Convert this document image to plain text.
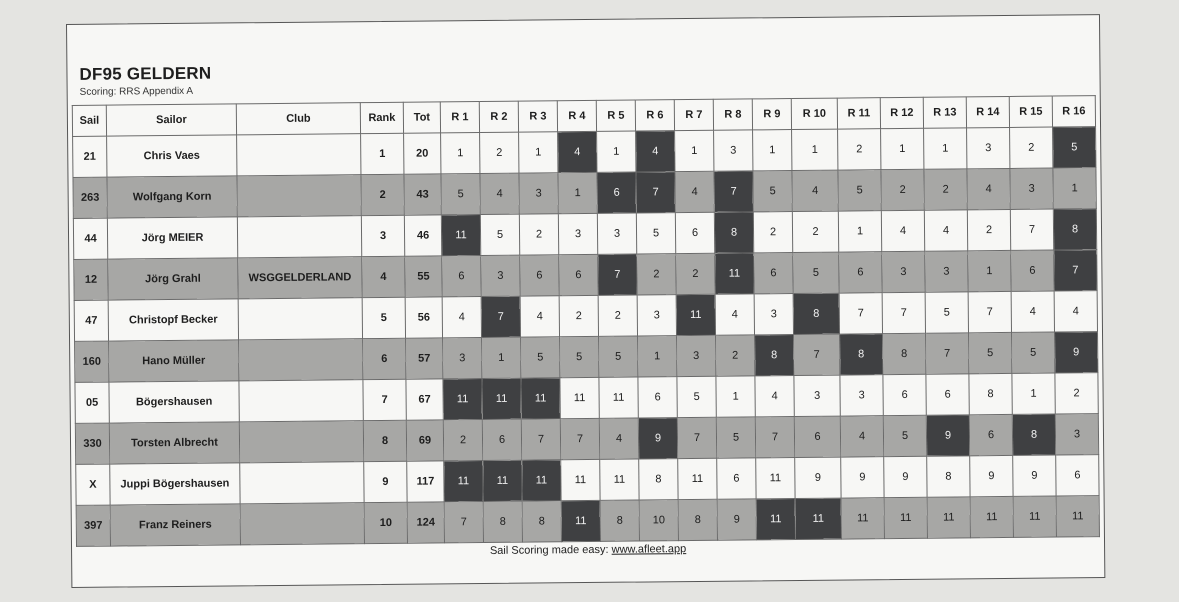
DF95 GELDERN
Scoring: RRS Appendix A
Sail	Sailor	Club	Rank	Tot	R 1	R 2	R 3	R 4	R 5	R 6	R 7	R 8	R 9	R 10	R 11	R 12	R 13	R 14	R 15	R 16
21	Chris Vaes		1	20	1	2	1	4	1	4	1	3	1	1	2	1	1	3	2	5
263	Wolfgang Korn		2	43	5	4	3	1	6	7	4	7	5	4	5	2	2	4	3	1
44	Jörg MEIER		3	46	11	5	2	3	3	5	6	8	2	2	1	4	4	2	7	8
12	Jörg Grahl	WSGGELDERLAND	4	55	6	3	6	6	7	2	2	11	6	5	6	3	3	1	6	7
47	Christopf Becker		5	56	4	7	4	2	2	3	11	4	3	8	7	7	5	7	4	4
160	Hano Müller		6	57	3	1	5	5	5	1	3	2	8	7	8	8	7	5	5	9
05	Bögershausen		7	67	11	11	11	11	11	6	5	1	4	3	3	6	6	8	1	2
330	Torsten Albrecht		8	69	2	6	7	7	4	9	7	5	7	6	4	5	9	6	8	3
X	Juppi Bögershausen		9	117	11	11	11	11	11	8	11	6	11	9	9	9	8	9	9	6
397	Franz Reiners		10	124	7	8	8	11	8	10	8	9	11	11	11	11	11	11	11	11
Sail Scoring made easy: www.afleet.app
